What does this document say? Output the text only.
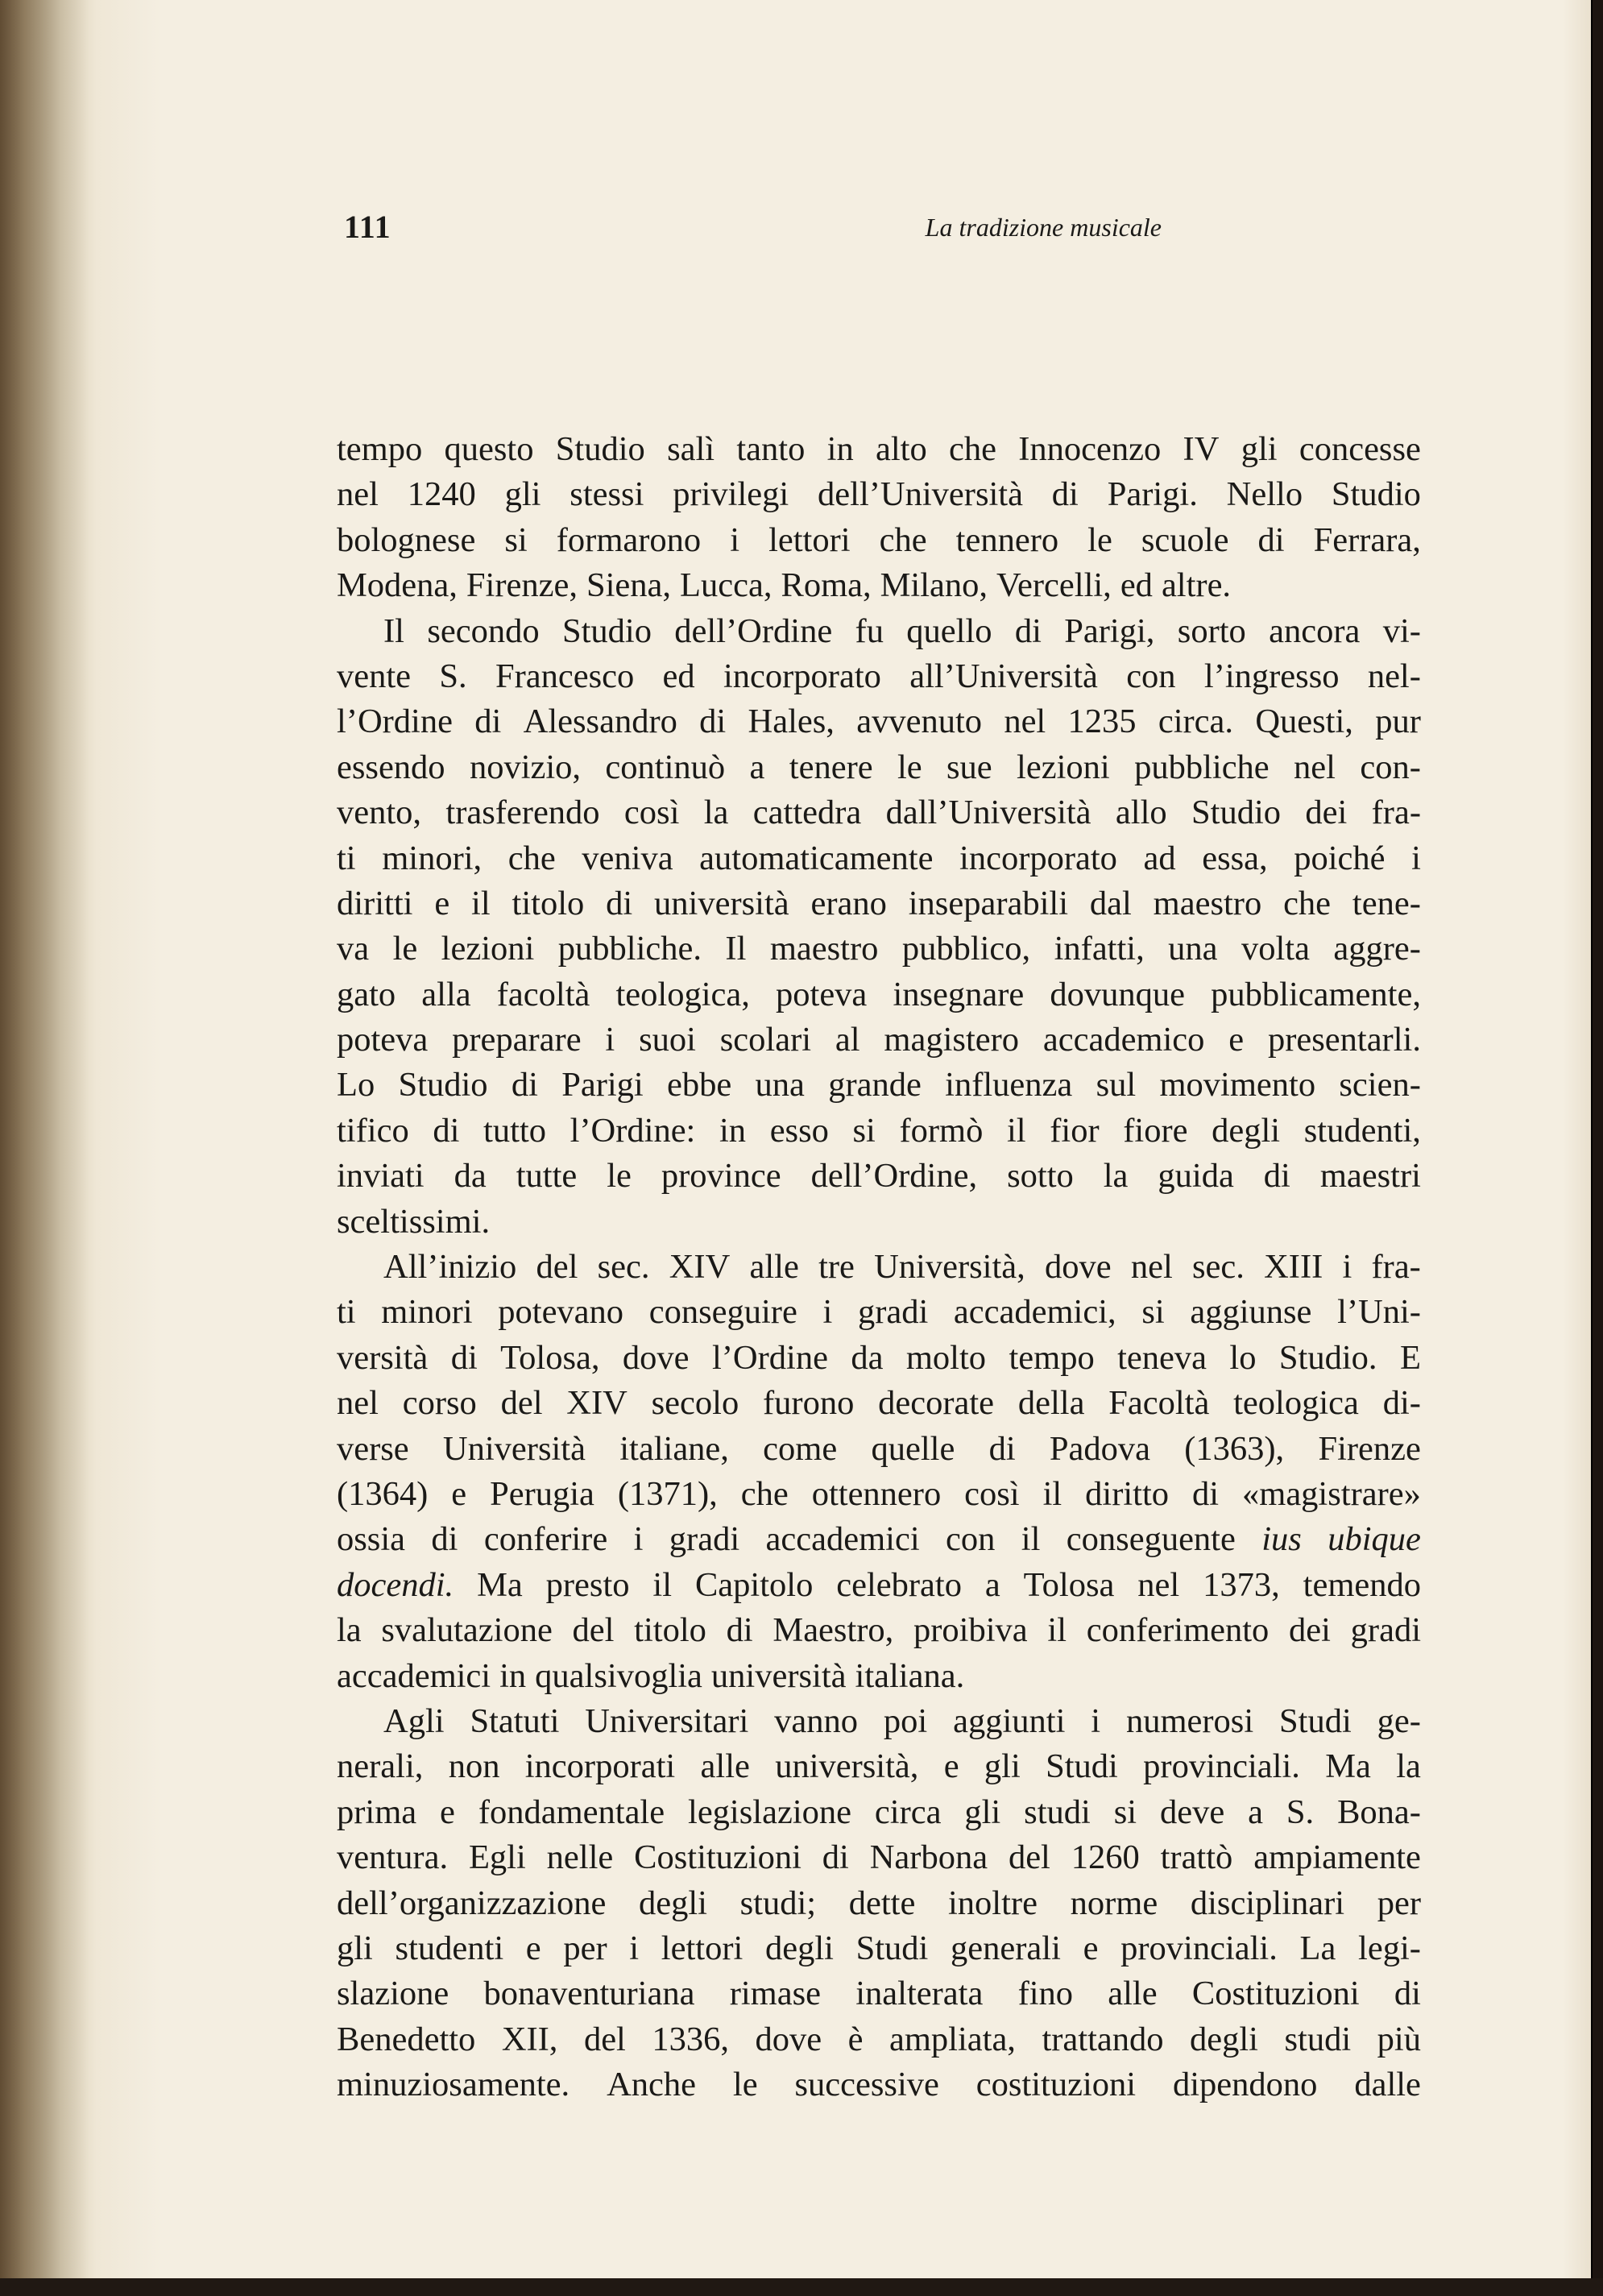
111	La tradizione musicale
tempo questo Studio salì tanto in alto che Innocenzo IV gli concesse
nel 1240 gli stessi privilegi dell’Università di Parigi. Nello Studio
bolognese si formarono i lettori che tennero le scuole di Ferrara,
Modena, Firenze, Siena, Lucca, Roma, Milano, Vercelli, ed altre.
Il secondo Studio dell’Ordine fu quello di Parigi, sorto ancora vi-
vente S. Francesco ed incorporato all’Università con l’ingresso nel-
l’Ordine di Alessandro di Hales, avvenuto nel 1235 circa. Questi, pur
essendo novizio, continuò a tenere le sue lezioni pubbliche nel con-
vento, trasferendo così la cattedra dall’Università allo Studio dei fra-
ti minori, che veniva automaticamente incorporato ad essa, poiché i
diritti e il titolo di università erano inseparabili dal maestro che tene-
va le lezioni pubbliche. Il maestro pubblico, infatti, una volta aggre-
gato alla facoltà teologica, poteva insegnare dovunque pubblicamente,
poteva preparare i suoi scolari al magistero accademico e presentarli.
Lo Studio di Parigi ebbe una grande influenza sul movimento scien-
tifico di tutto l’Ordine: in esso si formò il fior fiore degli studenti,
inviati da tutte le province dell’Ordine, sotto la guida di maestri
sceltissimi.
All’inizio del sec. XIV alle tre Università, dove nel sec. XIII i fra-
ti minori potevano conseguire i gradi accademici, si aggiunse l’Uni-
versità di Tolosa, dove l’Ordine da molto tempo teneva lo Studio. E
nel corso del XIV secolo furono decorate della Facoltà teologica di-
verse Università italiane, come quelle di Padova (1363), Firenze
(1364) e Perugia (1371), che ottennero così il diritto di «magistrare»
ossia di conferire i gradi accademici con il conseguente ius ubique
docendi. Ma presto il Capitolo celebrato a Tolosa nel 1373, temendo
la svalutazione del titolo di Maestro, proibiva il conferimento dei gradi
accademici in qualsivoglia università italiana.
Agli Statuti Universitari vanno poi aggiunti i numerosi Studi ge-
nerali, non incorporati alle università, e gli Studi provinciali. Ma la
prima e fondamentale legislazione circa gli studi si deve a S. Bona-
ventura. Egli nelle Costituzioni di Narbona del 1260 trattò ampiamente
dell’organizzazione degli studi; dette inoltre norme disciplinari per
gli studenti e per i lettori degli Studi generali e provinciali. La legi-
slazione bonaventuriana rimase inalterata fino alle Costituzioni di
Benedetto XII, del 1336, dove è ampliata, trattando degli studi più
minuziosamente. Anche le successive costituzioni dipendono dalle
